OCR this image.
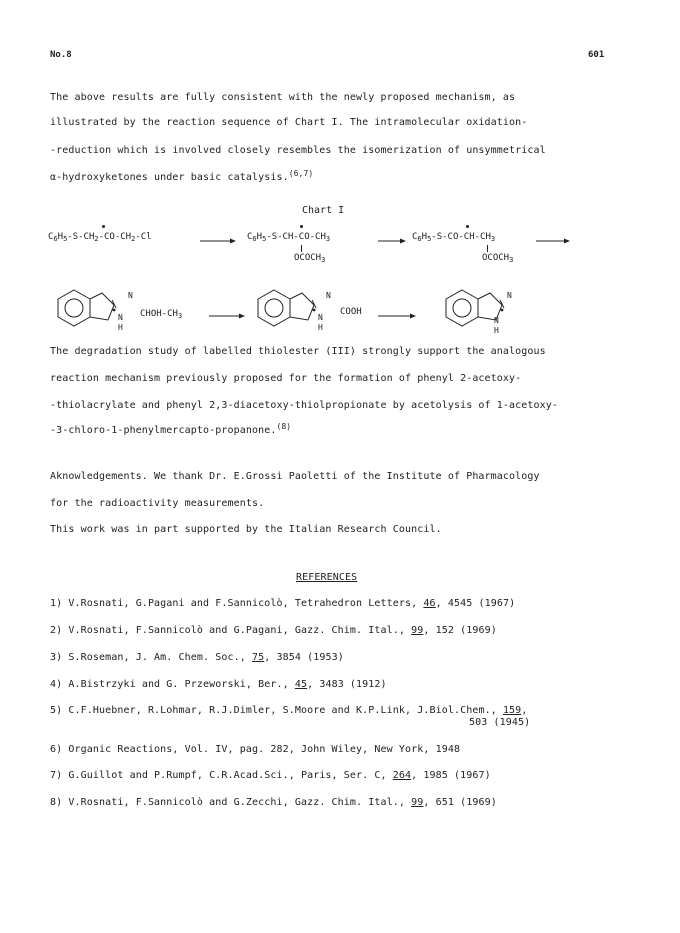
No.8	601
The above results are fully consistent with the newly proposed mechanism, as
illustrated by the reaction sequence of Chart I. The intramolecular oxidation-
-reduction which is involved closely resembles the isomerization of unsymmetrical
α-hydroxyketones under basic catalysis.$^{(6,7)}$
Chart I
$C_6H_5-S-CH_2-CO-CH_2-Cl$	→ $C_6H_5-S-CH-CO-CH_3$
$OCOCH_3$
→ $C_6H_5-S-CO-CH-CH_3$
$OCOCH_3$
N
N
H
CHOH-$CH_3$
N
N
H
COOH →
N
N
H
The degradation study of labelled thiolester (III) strongly support the analogous
reaction mechanism previously proposed for the formation of phenyl 2-acetoxy-
-thiolacrylate and phenyl 2,3-diacetoxy-thiolpropionate by acetolysis of 1-acetoxy-
-3-chloro-1-phenylmercapto-propanone.$^{(8)}$
Aknowledgements. We thank Dr. E.Grossi Paoletti of the Institute of Pharmacology
for the radioactivity measurements.
This work was in part supported by the Italian Research Council.
REFERENCES
1) V.Rosnati, G.Pagani and F.Sannicolò, Tetrahedron Letters, 46, 4545 (1967)
2) V.Rosnati, F.Sannicolò and G.Pagani, Gazz. Chim. Ital., 99, 152 (1969)
3) S.Roseman, J. Am. Chem. Soc., 75, 3854 (1953)
4) A.Bistrzyki and G. Przeworski, Ber., 45, 3483 (1912)
5) C.F.Huebner, R.Lohmar, R.J.Dimler, S.Moore and K.P.Link, J.Biol.Chem., 159,
503 (1945)
6) Organic Reactions, Vol. IV, pag. 282, John Wiley, New York, 1948
7) G.Guillot and P.Rumpf, C.R.Acad.Sci., Paris, Ser. C, 264, 1985 (1967)
8) V.Rosnati, F.Sannicolò and G.Zecchi, Gazz. Chim. Ital., 99, 651 (1969)
